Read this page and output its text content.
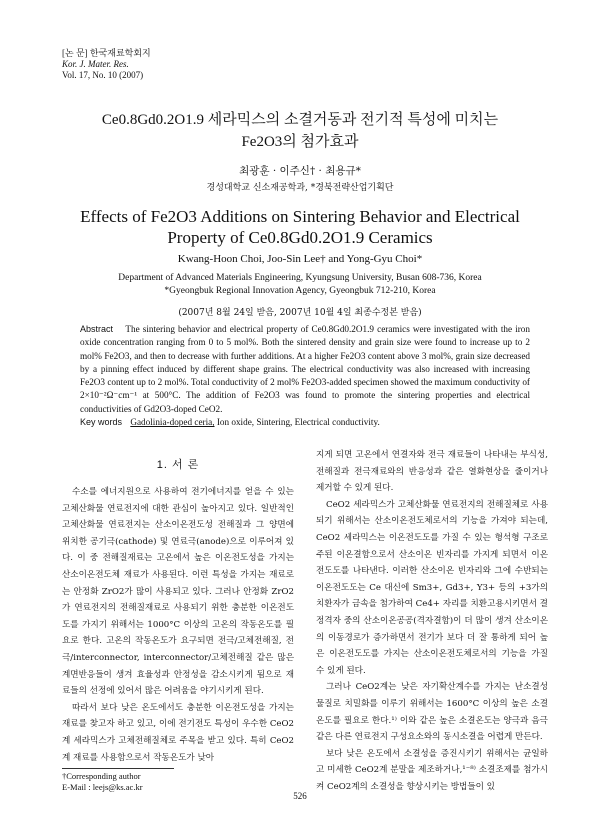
[논 문] 한국재료학회지
Kor. J. Mater. Res.
Vol. 17, No. 10 (2007)
Ce0.8Gd0.2O1.9 세라믹스의 소결거동과 전기적 특성에 미치는
Fe2O3의 첨가효과
최광훈 · 이주신† · 최용규*
경성대학교 신소재공학과, *경북전략산업기획단
Effects of Fe2O3 Additions on Sintering Behavior and Electrical
Property of Ce0.8Gd0.2O1.9 Ceramics
Kwang-Hoon Choi, Joo-Sin Lee† and Yong-Gyu Choi*
Department of Advanced Materials Engineering, Kyungsung University, Busan 608-736, Korea
*Gyeongbuk Regional Innovation Agency, Gyeongbuk 712-210, Korea
(2007년 8월 24일 받음, 2007년 10월 4일 최종수정본 받음)
Abstract The sintering behavior and electrical property of Ce0.8Gd0.2O1.9 ceramics were investigated with the iron oxide concentration ranging from 0 to 5 mol%. Both the sintered density and grain size were found to increase up to 2 mol% Fe2O3, and then to decrease with further additions. At a higher Fe2O3 content above 3 mol%, grain size decreased by a pinning effect induced by different shape grains. The electrical conductivity was also increased with increasing Fe2O3 content up to 2 mol%. Total conductivity of 2 mol% Fe2O3-added specimen showed the maximum conductivity of 2×10⁻²Ω⁻cm⁻¹ at 500°C. The addition of Fe2O3 was found to promote the sintering properties and electrical conductivities of Gd2O3-doped CeO2.
Key words Gadolinia-doped ceria, Ion oxide, Sintering, Electrical conductivity.
1. 서 론

수소를 에너지원으로 사용하여 전기에너지를 얻을 수 있는 고체산화물 연료전지에 대한 관심이 높아지고 있다. 일반적인 고체산화물 연료전지는 산소이온전도성 전해질과 그 양면에 위치한 공기극(cathode) 및 연료극(anode)으로 이루어져 있다. 이 중 전해질재료는 고온에서 높은 이온전도성을 가지는 산소이온전도체 재료가 사용된다. 이런 특성을 가지는 재료로는 안정화 ZrO2가 많이 사용되고 있다. 그러나 안정화 ZrO2가 연료전지의 전해질재료로 사용되기 위한 충분한 이온전도도를 가지기 위해서는 1000°C 이상의 고온의 작동온도를 필요로 한다. 고온의 작동온도가 요구되면 전극/고체전해질, 전극/interconnector, interconnector/고체전해질 같은 많은 계면반응들이 생겨 효율성과 안정성을 감소시키게 됨으로 재료들의 선정에 있어서 많은 어려움을 야기시키게 된다.

따라서 보다 낮은 온도에서도 충분한 이온전도성을 가지는 재료를 찾고자 하고 있고, 이에 전기전도 특성이 우수한 CeO2계 세라믹스가 고체전해질체로 주목을 받고 있다. 특히 CeO2계 재료를 사용함으로서 작동온도가 낮아

지게 되면 고온에서 연결자와 전극 재료들이 나타내는 부식성, 전해질과 전극재료와의 반응성과 같은 열화현상을 줄이거나 제거할 수 있게 된다.

CeO2 세라믹스가 고체산화물 연료전지의 전해질체로 사용되기 위해서는 산소이온전도체로서의 기능을 가져야 되는데, CeO2 세라믹스는 이온전도도를 가질 수 있는 형석형 구조로 주된 이온결함으로서 산소이온 빈자리를 가지게 되면서 이온전도도를 나타낸다. 이러한 산소이온 빈자리와 그에 수반되는 이온전도도는 Ce 대신에 Sm3+, Gd3+, Y3+ 등의 +3가의 치환자가 금속을 첨가하여 Ce4+ 자리를 치환고용시키면서 결정격자 중의 산소이온공공(격자결함)이 더 많이 생겨 산소이온의 이동경로가 증가하면서 전기가 보다 더 잘 통하게 되어 높은 이온전도도를 가지는 산소이온전도체로서의 기능을 가질 수 있게 된다.

그러나 CeO2계는 낮은 자기확산계수를 가지는 난소결성 물질로 치밀화를 이루기 위해서는 1600°C 이상의 높은 소결온도를 필요로 한다.¹⁾ 이와 같은 높은 소결온도는 양극과 음극 같은 다른 연료전지 구성요소와의 동시소결을 어렵게 만든다.

보다 낮은 온도에서 소결성을 증진시키기 위해서는 균일하고 미세한 CeO2계 분말을 제조하거나,¹⁻⁸⁾ 소결조제를 첨가시켜 CeO2계의 소결성을 향상시키는 방법들이 있

†Corresponding author
E-Mail : leejs@ks.ac.kr
526
